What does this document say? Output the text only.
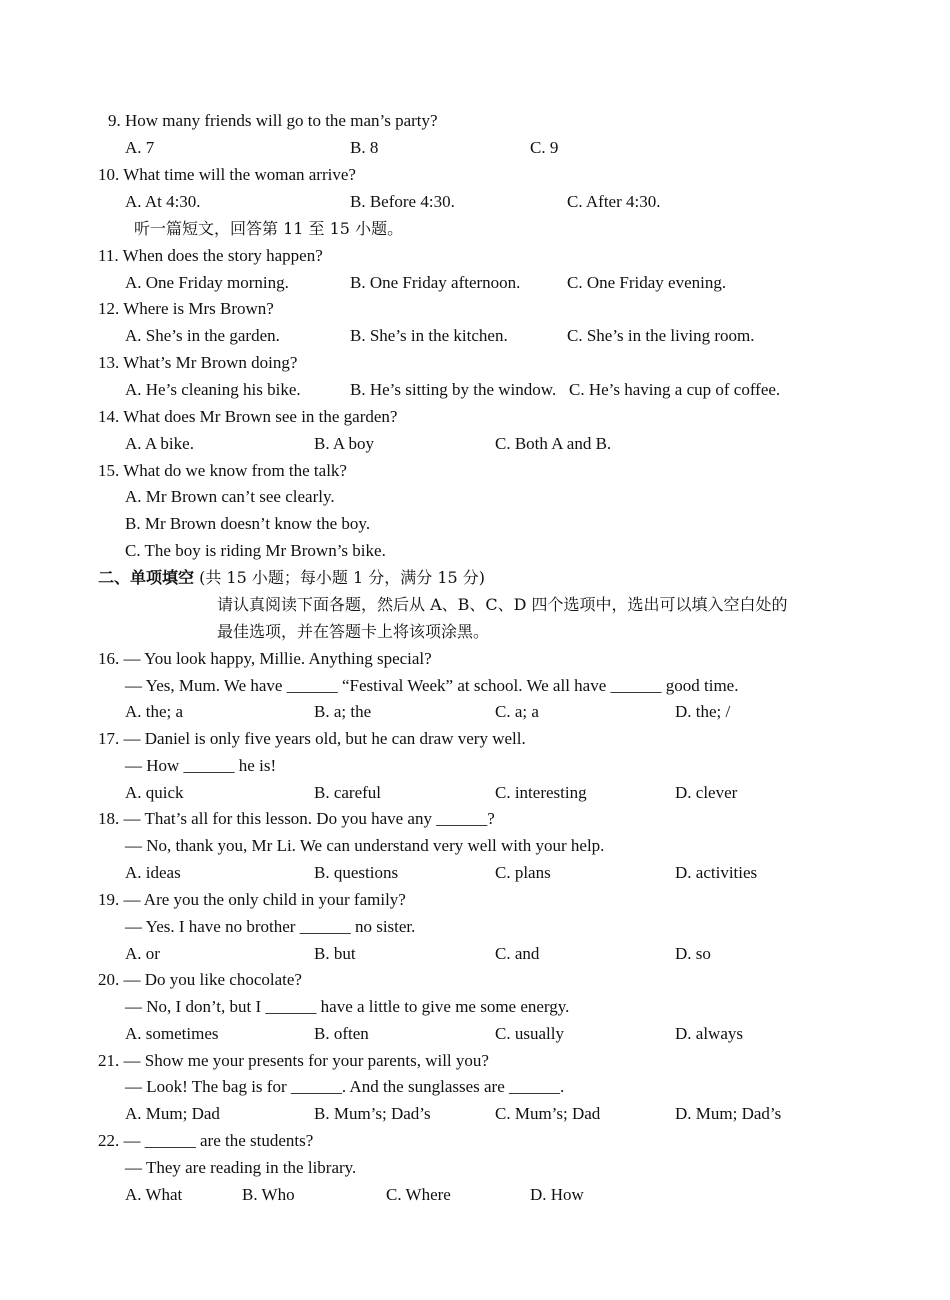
9. How many friends will go to the man’s party?
A. 7	B. 8	C. 9
10. What time will the woman arrive?
A. At 4:30.	B. Before 4:30.	C. After 4:30.
听一篇短文，回答第 11 至 15 小题。
11. When does the story happen?
A. One Friday morning.	B. One Friday afternoon.	C. One Friday evening.
12. Where is Mrs Brown?
A. She’s in the garden.	B. She’s in the kitchen.	C. She’s in the living room.
13. What’s Mr Brown doing?
A. He’s cleaning his bike.	B. He’s sitting by the window. C. He’s having a cup of coffee.
14. What does Mr Brown see in the garden?
A. A bike.	B. A boy	C. Both A and B.
15. What do we know from the talk?
A. Mr Brown can’t see clearly.
B. Mr Brown doesn’t know the boy.
C. The boy is riding Mr Brown’s bike.
二、单项填空 (共 15 小题；每小题 1 分，满分 15 分)
请认真阅读下面各题，然后从 A、B、C、D 四个选项中，选出可以填入空白处的
最佳选项，并在答题卡上将该项涂黑。
16. — You look happy, Millie. Anything special?
— Yes, Mum. We have ______ “Festival Week” at school. We all have ______ good time.
A. the; a	B. a; the	C. a; a	D. the; /
17. — Daniel is only five years old, but he can draw very well.
— How ______ he is!
A. quick	B. careful	C. interesting	D. clever
18. — That’s all for this lesson. Do you have any ______?
— No, thank you, Mr Li. We can understand very well with your help.
A. ideas	B. questions	C. plans	D. activities
19. — Are you the only child in your family?
— Yes. I have no brother ______ no sister.
A. or	B. but	C. and	D. so
20. — Do you like chocolate?
— No, I don’t, but I ______ have a little to give me some energy.
A. sometimes	B. often	C. usually	D. always
21. — Show me your presents for your parents, will you?
— Look! The bag is for ______. And the sunglasses are ______.
A. Mum; Dad	B. Mum’s; Dad’s	C. Mum’s; Dad	D. Mum; Dad’s
22. — ______ are the students?
— They are reading in the library.
A. What	B. Who	C. Where	D. How
